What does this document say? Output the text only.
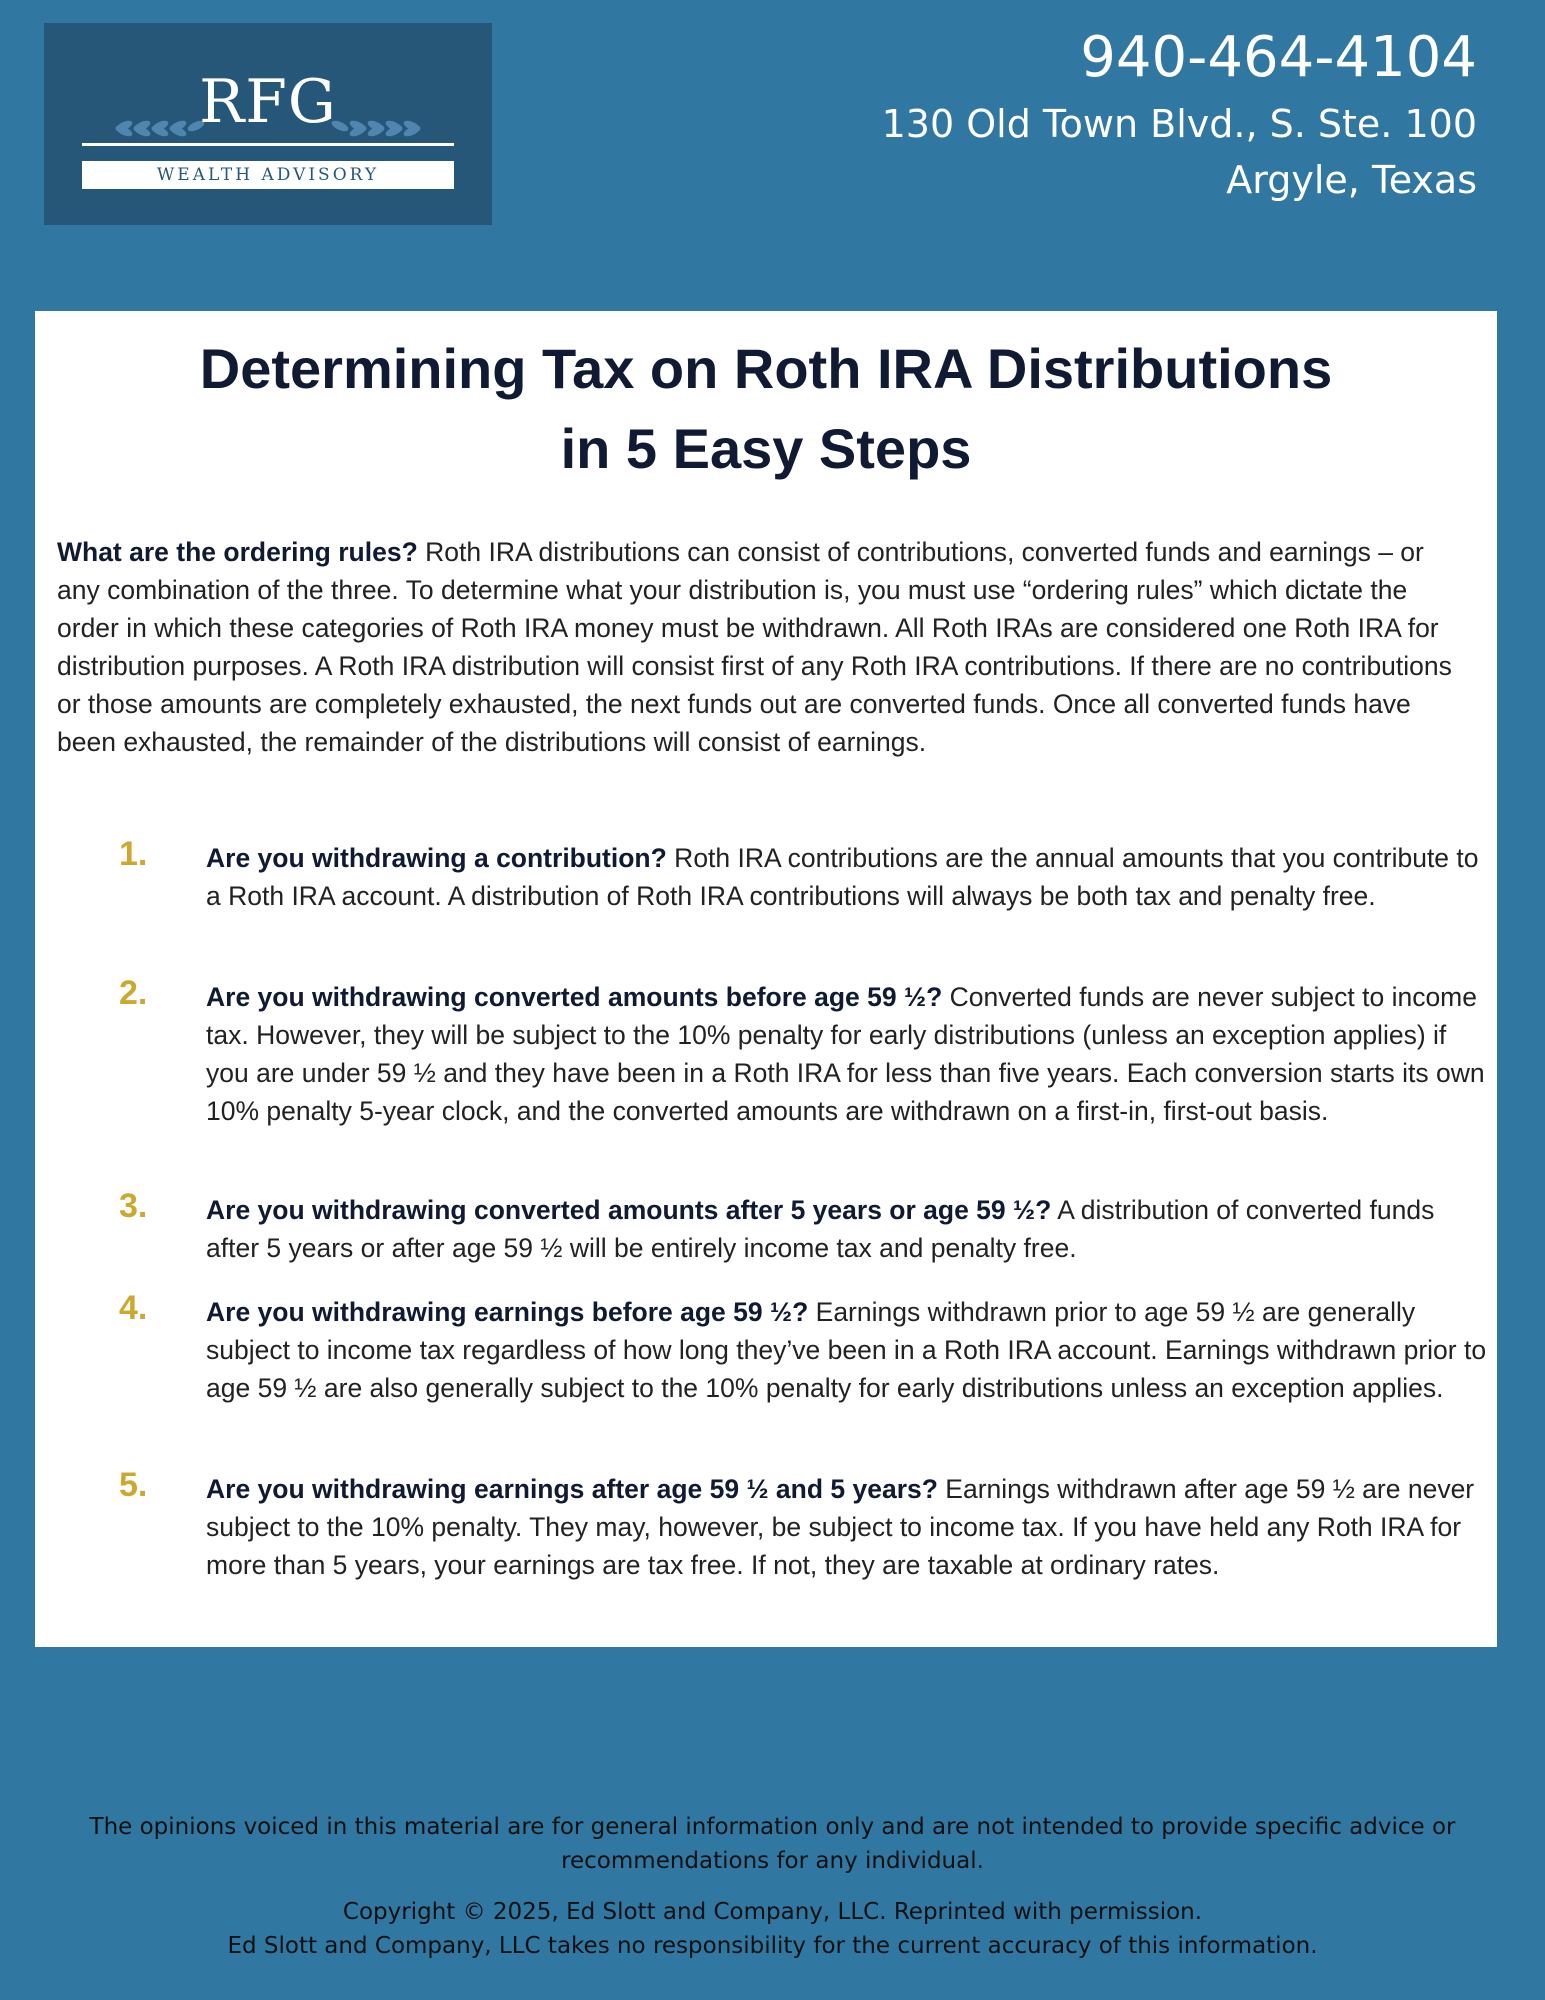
RFG
WEALTH ADVISORY
940-464-4104
130 Old Town Blvd., S. Ste. 100
Argyle, Texas
Determining Tax on Roth IRA Distributions
in 5 Easy Steps
What are the ordering rules? Roth IRA distributions can consist of contributions, converted funds and earnings – or any combination of the three. To determine what your distribution is, you must use “ordering rules” which dictate the order in which these categories of Roth IRA money must be withdrawn. All Roth IRAs are considered one Roth IRA for distribution purposes. A Roth IRA distribution will consist first of any Roth IRA contributions. If there are no contributions or those amounts are completely exhausted, the next funds out are converted funds. Once all converted funds have been exhausted, the remainder of the distributions will consist of earnings.
1.	Are you withdrawing a contribution? Roth IRA contributions are the annual amounts that you contribute to a Roth IRA account. A distribution of Roth IRA contributions will always be both tax and penalty free.
2.	Are you withdrawing converted amounts before age 59 ½? Converted funds are never subject to income tax. However, they will be subject to the 10% penalty for early distributions (unless an exception applies) if you are under 59 ½ and they have been in a Roth IRA for less than five years. Each conversion starts its own 10% penalty 5-year clock, and the converted amounts are withdrawn on a first-in, first-out basis.
3.	Are you withdrawing converted amounts after 5 years or age 59 ½? A distribution of converted funds after 5 years or after age 59 ½ will be entirely income tax and penalty free.
4.	Are you withdrawing earnings before age 59 ½? Earnings withdrawn prior to age 59 ½ are generally subject to income tax regardless of how long they’ve been in a Roth IRA account. Earnings withdrawn prior to age 59 ½ are also generally subject to the 10% penalty for early distributions unless an exception applies.
5.	Are you withdrawing earnings after age 59 ½ and 5 years? Earnings withdrawn after age 59 ½ are never subject to the 10% penalty. They may, however, be subject to income tax. If you have held any Roth IRA for more than 5 years, your earnings are tax free. If not, they are taxable at ordinary rates.
The opinions voiced in this material are for general information only and are not intended to provide specific advice or recommendations for any individual.
Copyright © 2025, Ed Slott and Company, LLC. Reprinted with permission.
Ed Slott and Company, LLC takes no responsibility for the current accuracy of this information.
